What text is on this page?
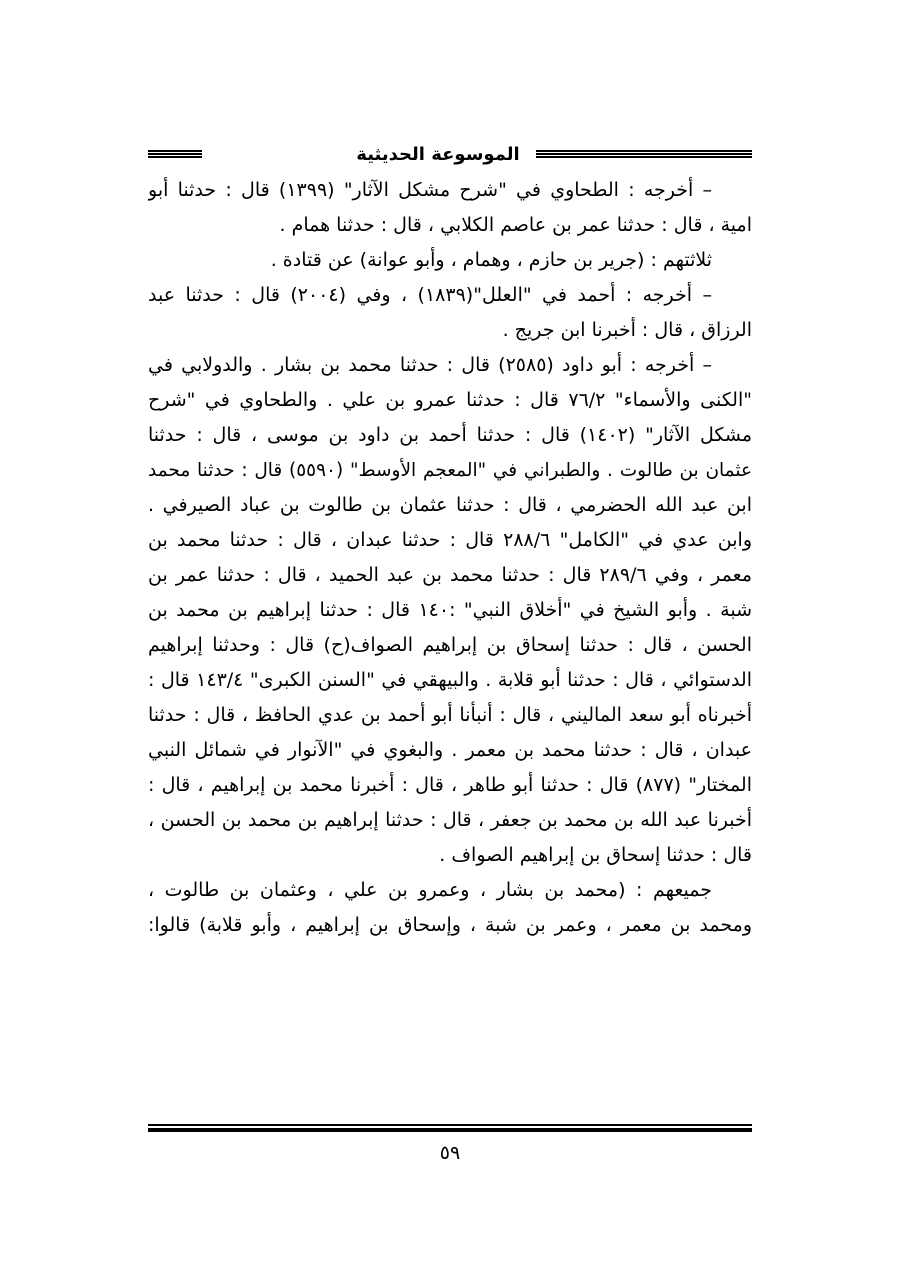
الموسوعة الحديثية
– أخرجه : الطحاوي في "شرح مشكل الآثار" (١٣٩٩) قال : حدثنا أبو
امية ، قال : حدثنا عمر بن عاصم الكلابي ، قال : حدثنا همام .
ثلاثتهم : (جرير بن حازم ، وهمام ، وأبو عوانة) عن قتادة .
– أخرجه : أحمد في "العلل"(١٨٣٩) ، وفي (٢٠٠٤) قال : حدثنا عبد
الرزاق ، قال : أخبرنا ابن جريج .
– أخرجه : أبو داود (٢٥٨٥) قال : حدثنا محمد بن بشار . والدولابي في
"الكنى والأسماء" ٧٦/٢ قال : حدثنا عمرو بن علي . والطحاوي في "شرح
مشكل الآثار" (١٤٠٢) قال : حدثنا أحمد بن داود بن موسى ، قال : حدثنا
عثمان بن طالوت . والطبراني في "المعجم الأوسط" (٥٥٩٠) قال : حدثنا محمد
ابن عبد الله الحضرمي ، قال : حدثنا عثمان بن طالوت بن عباد الصيرفي .
وابن عدي في "الكامل" ٢٨٨/٦ قال : حدثنا عبدان ، قال : حدثنا محمد بن
معمر ، وفي ٢٨٩/٦ قال : حدثنا محمد بن عبد الحميد ، قال : حدثنا عمر بن
شبة . وأبو الشيخ في "أخلاق النبي" :١٤٠ قال : حدثنا إبراهيم بن محمد بن
الحسن ، قال : حدثنا إسحاق بن إبراهيم الصواف(ح) قال : وحدثنا إبراهيم
الدستوائي ، قال : حدثنا أبو قلابة . والبيهقي في "السنن الكبرى" ١٤٣/٤ قال :
أخبرناه أبو سعد الماليني ، قال : أنبأنا أبو أحمد بن عدي الحافظ ، قال : حدثنا
عبدان ، قال : حدثنا محمد بن معمر . والبغوي في "الآنوار في شمائل النبي
المختار" (٨٧٧) قال : حدثنا أبو طاهر ، قال : أخبرنا محمد بن إبراهيم ، قال :
أخبرنا عبد الله بن محمد بن جعفر ، قال : حدثنا إبراهيم بن محمد بن الحسن ،
قال : حدثنا إسحاق بن إبراهيم الصواف .
جميعهم : (محمد بن بشار ، وعمرو بن علي ، وعثمان بن طالوت ،
ومحمد بن معمر ، وعمر بن شبة ، وإسحاق بن إبراهيم ، وأبو قلابة) قالوا:
٥٩
